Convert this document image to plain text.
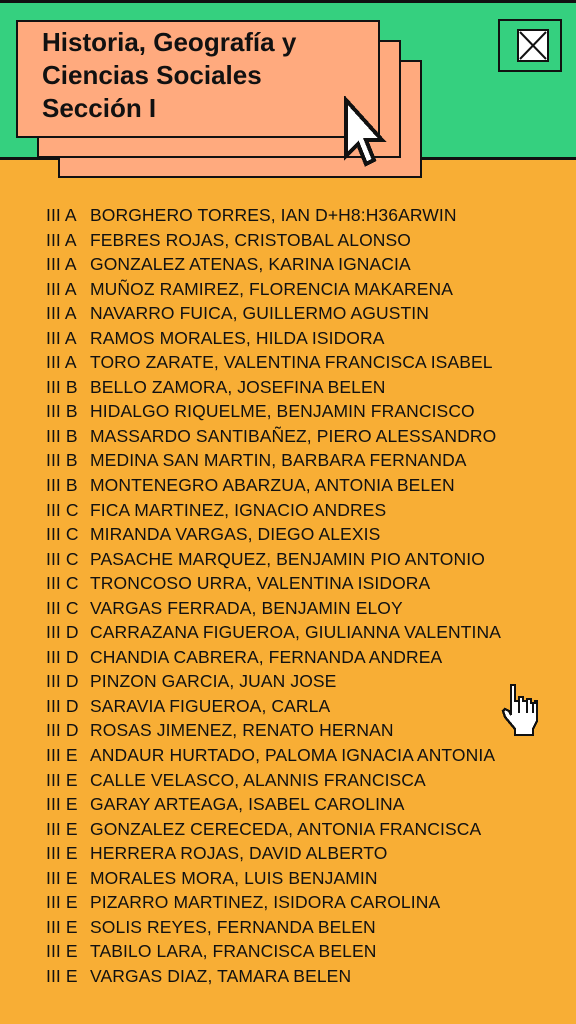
Historia, Geografía y
Ciencias Sociales
Sección I
III A BORGHERO TORRES, IAN D+H8:H36ARWIN
III A FEBRES ROJAS, CRISTOBAL ALONSO
III A GONZALEZ ATENAS, KARINA IGNACIA
III A MUÑOZ RAMIREZ, FLORENCIA MAKARENA
III A NAVARRO FUICA, GUILLERMO AGUSTIN
III A RAMOS MORALES, HILDA ISIDORA
III A TORO ZARATE, VALENTINA FRANCISCA ISABEL
III B BELLO ZAMORA, JOSEFINA BELEN
III B HIDALGO RIQUELME, BENJAMIN FRANCISCO
III B MASSARDO SANTIBAÑEZ, PIERO ALESSANDRO
III B MEDINA SAN MARTIN, BARBARA FERNANDA
III B MONTENEGRO ABARZUA, ANTONIA BELEN
III C FICA MARTINEZ, IGNACIO ANDRES
III C MIRANDA VARGAS, DIEGO ALEXIS
III C PASACHE MARQUEZ, BENJAMIN PIO ANTONIO
III C TRONCOSO URRA, VALENTINA ISIDORA
III C VARGAS FERRADA, BENJAMIN ELOY
III D CARRAZANA FIGUEROA, GIULIANNA VALENTINA
III D CHANDIA CABRERA, FERNANDA ANDREA
III D PINZON GARCIA, JUAN JOSE
III D SARAVIA FIGUEROA, CARLA
III D ROSAS JIMENEZ, RENATO HERNAN
III E ANDAUR HURTADO, PALOMA IGNACIA ANTONIA
III E CALLE VELASCO, ALANNIS FRANCISCA
III E GARAY ARTEAGA, ISABEL CAROLINA
III E GONZALEZ CERECEDA, ANTONIA FRANCISCA
III E HERRERA ROJAS, DAVID ALBERTO
III E MORALES MORA, LUIS BENJAMIN
III E PIZARRO MARTINEZ, ISIDORA CAROLINA
III E SOLIS REYES, FERNANDA BELEN
III E TABILO LARA, FRANCISCA BELEN
III E VARGAS DIAZ, TAMARA BELEN
